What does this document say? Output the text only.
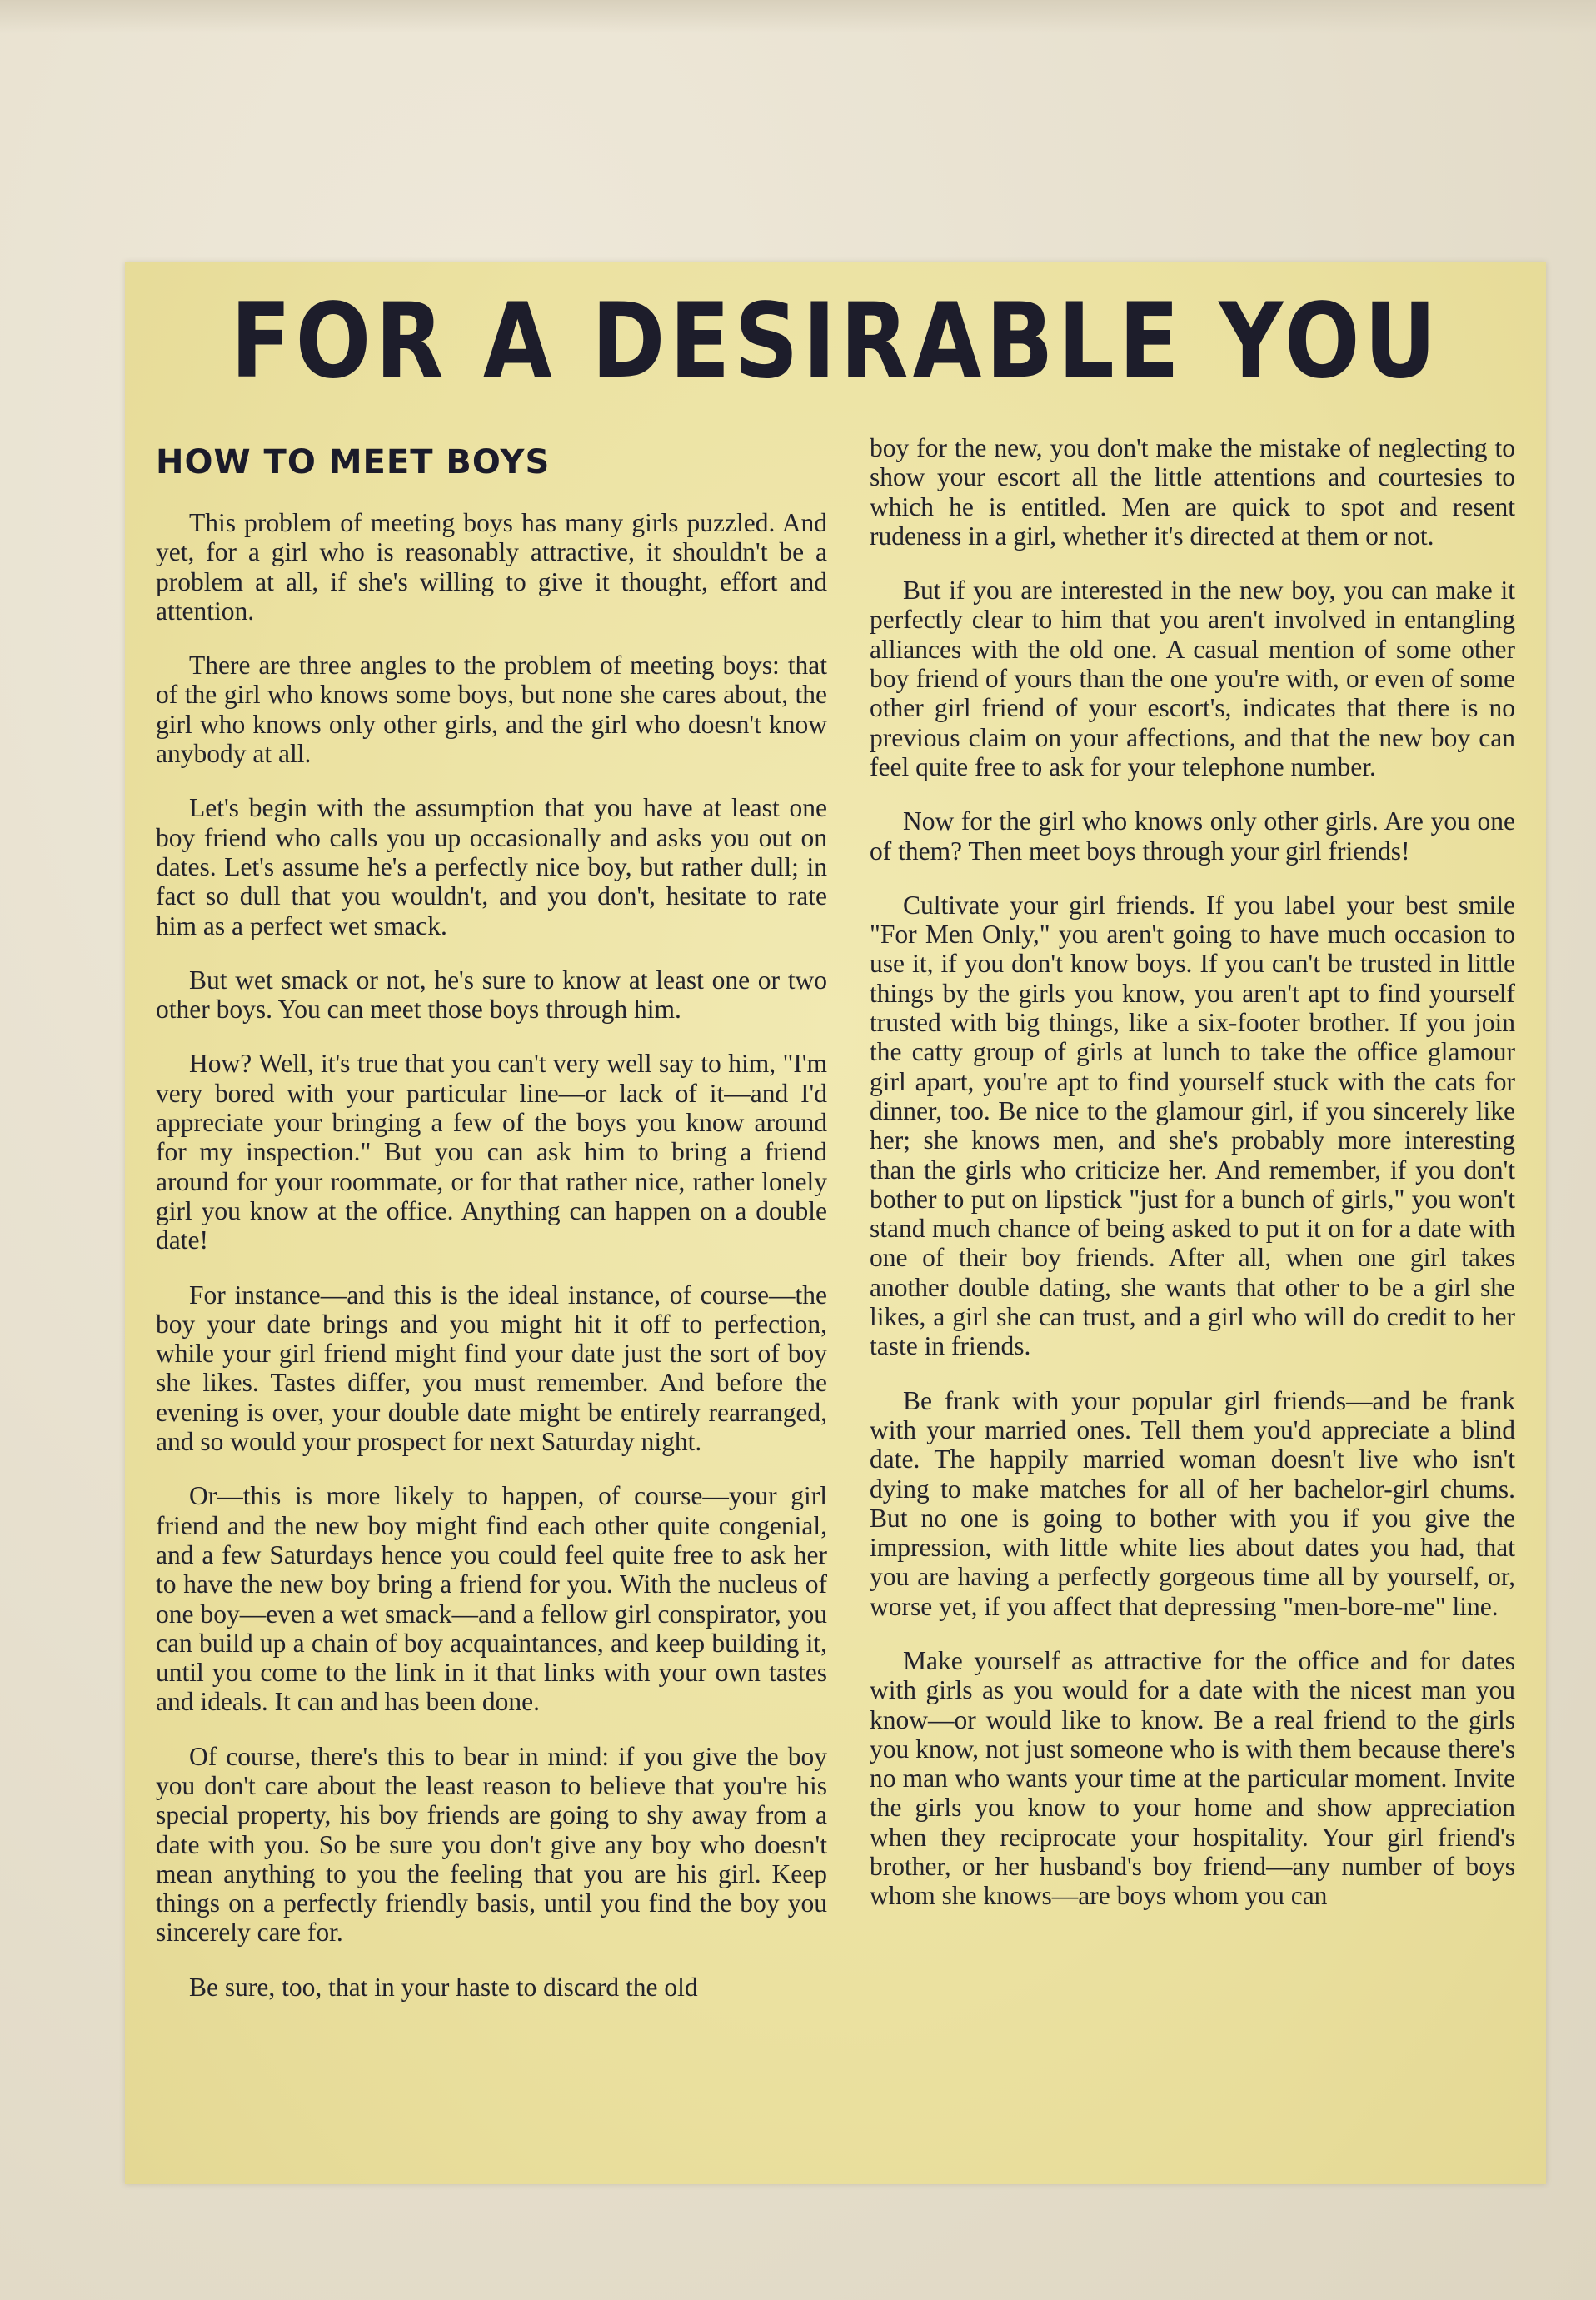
FOR A DESIRABLE YOU
HOW TO MEET BOYS

This problem of meeting boys has many girls puzzled. And yet, for a girl who is reasonably attractive, it shouldn't be a problem at all, if she's willing to give it thought, effort and attention.

There are three angles to the problem of meeting boys: that of the girl who knows some boys, but none she cares about, the girl who knows only other girls, and the girl who doesn't know anybody at all.

Let's begin with the assumption that you have at least one boy friend who calls you up occasionally and asks you out on dates. Let's assume he's a perfectly nice boy, but rather dull; in fact so dull that you wouldn't, and you don't, hesitate to rate him as a perfect wet smack.

But wet smack or not, he's sure to know at least one or two other boys. You can meet those boys through him.

How? Well, it's true that you can't very well say to him, "I'm very bored with your particular line—or lack of it—and I'd appreciate your bringing a few of the boys you know around for my inspection." But you can ask him to bring a friend around for your roommate, or for that rather nice, rather lonely girl you know at the office. Anything can happen on a double date!

For instance—and this is the ideal instance, of course—the boy your date brings and you might hit it off to perfection, while your girl friend might find your date just the sort of boy she likes. Tastes differ, you must remember. And before the evening is over, your double date might be entirely rearranged, and so would your prospect for next Saturday night.

Or—this is more likely to happen, of course—your girl friend and the new boy might find each other quite congenial, and a few Saturdays hence you could feel quite free to ask her to have the new boy bring a friend for you. With the nucleus of one boy—even a wet smack—and a fellow girl conspirator, you can build up a chain of boy acquaintances, and keep building it, until you come to the link in it that links with your own tastes and ideals. It can and has been done.

Of course, there's this to bear in mind: if you give the boy you don't care about the least reason to believe that you're his special property, his boy friends are going to shy away from a date with you. So be sure you don't give any boy who doesn't mean anything to you the feeling that you are his girl. Keep things on a perfectly friendly basis, until you find the boy you sincerely care for.

Be sure, too, that in your haste to discard the old

boy for the new, you don't make the mistake of neglecting to show your escort all the little attentions and courtesies to which he is entitled. Men are quick to spot and resent rudeness in a girl, whether it's directed at them or not.

But if you are interested in the new boy, you can make it perfectly clear to him that you aren't involved in entangling alliances with the old one. A casual mention of some other boy friend of yours than the one you're with, or even of some other girl friend of your escort's, indicates that there is no previous claim on your affections, and that the new boy can feel quite free to ask for your telephone number.

Now for the girl who knows only other girls. Are you one of them? Then meet boys through your girl friends!

Cultivate your girl friends. If you label your best smile "For Men Only," you aren't going to have much occasion to use it, if you don't know boys. If you can't be trusted in little things by the girls you know, you aren't apt to find yourself trusted with big things, like a six-footer brother. If you join the catty group of girls at lunch to take the office glamour girl apart, you're apt to find yourself stuck with the cats for dinner, too. Be nice to the glamour girl, if you sincerely like her; she knows men, and she's probably more interesting than the girls who criticize her. And remember, if you don't bother to put on lipstick "just for a bunch of girls," you won't stand much chance of being asked to put it on for a date with one of their boy friends. After all, when one girl takes another double dating, she wants that other to be a girl she likes, a girl she can trust, and a girl who will do credit to her taste in friends.

Be frank with your popular girl friends—and be frank with your married ones. Tell them you'd appreciate a blind date. The happily married woman doesn't live who isn't dying to make matches for all of her bachelor-girl chums. But no one is going to bother with you if you give the impression, with little white lies about dates you had, that you are having a perfectly gorgeous time all by yourself, or, worse yet, if you affect that depressing "men-bore-me" line.

Make yourself as attractive for the office and for dates with girls as you would for a date with the nicest man you know—or would like to know. Be a real friend to the girls you know, not just someone who is with them because there's no man who wants your time at the particular moment. Invite the girls you know to your home and show appreciation when they reciprocate your hospitality. Your girl friend's brother, or her husband's boy friend—any number of boys whom she knows—are boys whom you can
